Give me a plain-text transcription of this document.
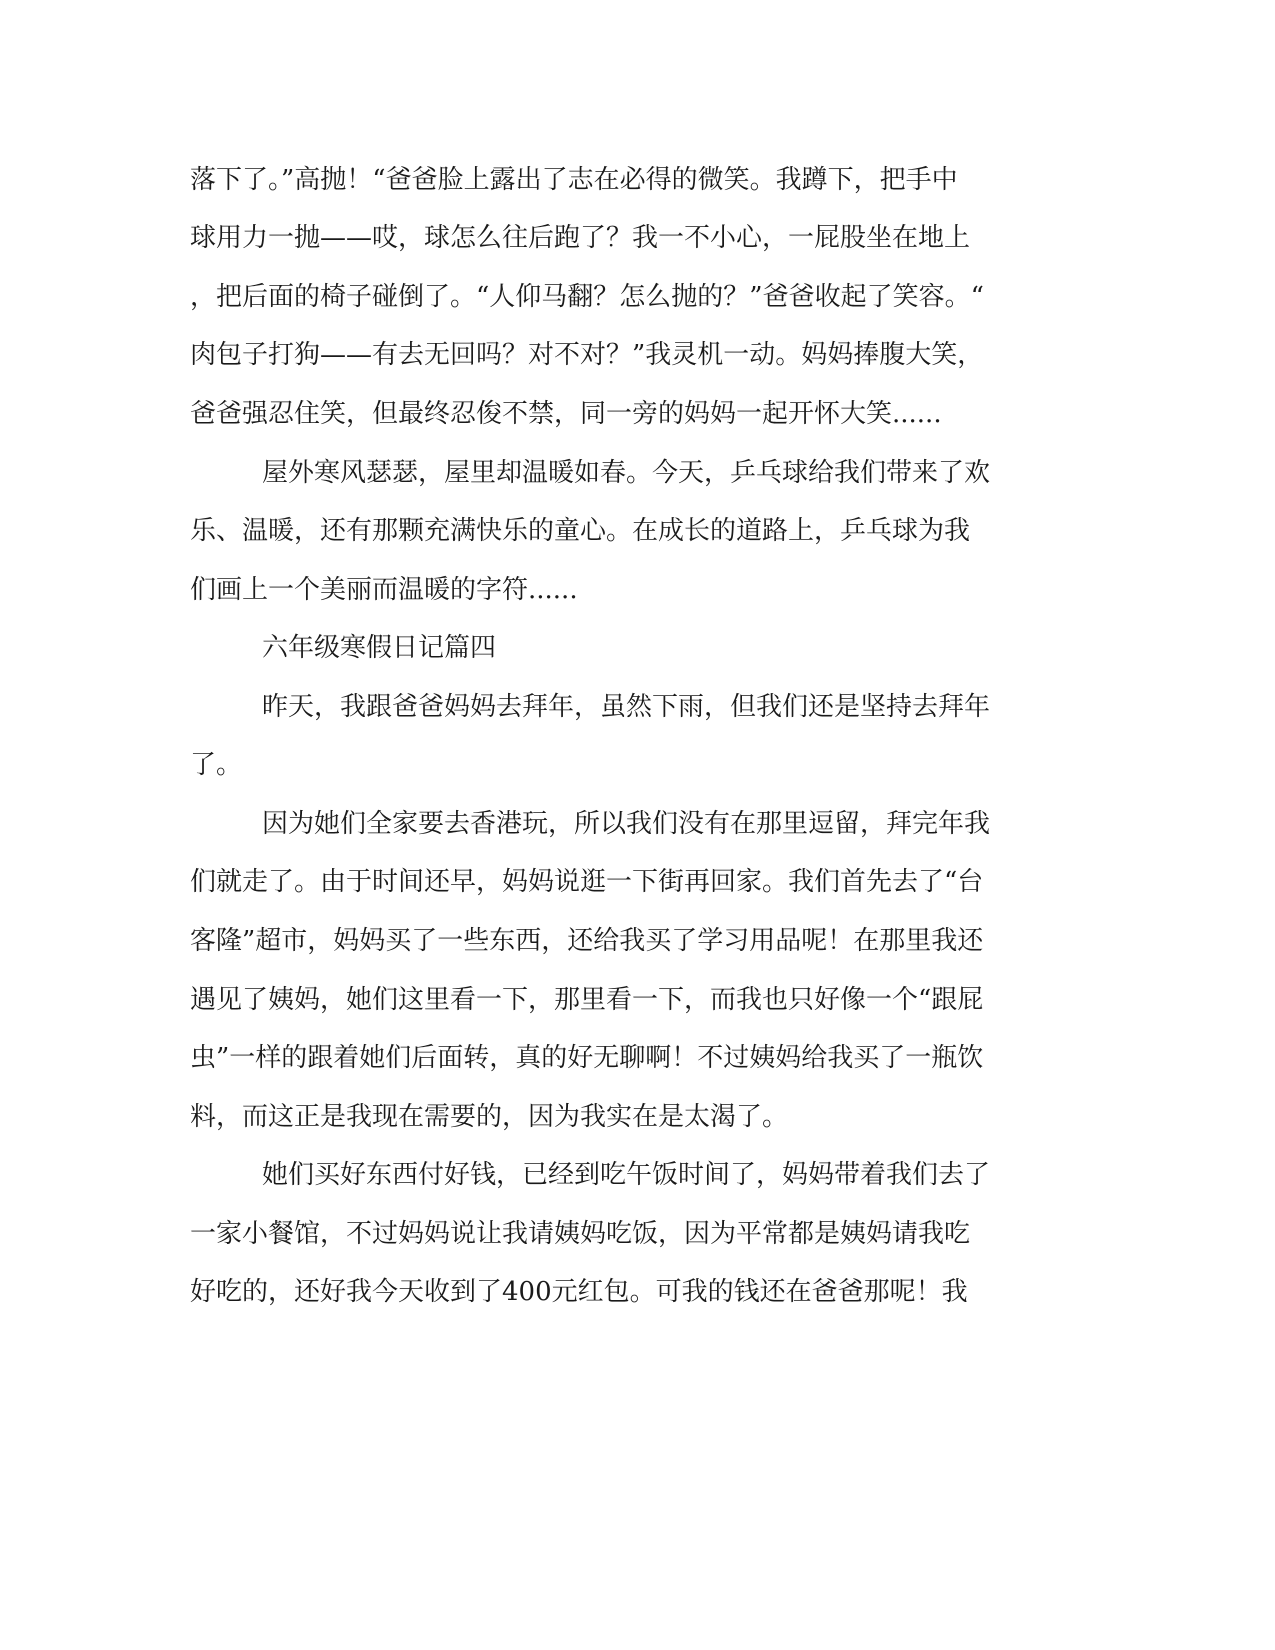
落下了。”高抛！“爸爸脸上露出了志在必得的微笑。我蹲下，把手中
球用力一抛——哎，球怎么往后跑了？我一不小心，一屁股坐在地上
，把后面的椅子碰倒了。“人仰马翻？怎么抛的？”爸爸收起了笑容。“
肉包子打狗——有去无回吗？对不对？”我灵机一动。妈妈捧腹大笑，
爸爸强忍住笑，但最终忍俊不禁，同一旁的妈妈一起开怀大笑......
屋外寒风瑟瑟，屋里却温暖如春。今天，乒乓球给我们带来了欢
乐、温暖，还有那颗充满快乐的童心。在成长的道路上，乒乓球为我
们画上一个美丽而温暖的字符......
六年级寒假日记篇四
昨天，我跟爸爸妈妈去拜年，虽然下雨，但我们还是坚持去拜年
了。
因为她们全家要去香港玩，所以我们没有在那里逗留，拜完年我
们就走了。由于时间还早，妈妈说逛一下街再回家。我们首先去了“台
客隆”超市，妈妈买了一些东西，还给我买了学习用品呢！在那里我还
遇见了姨妈，她们这里看一下，那里看一下，而我也只好像一个“跟屁
虫”一样的跟着她们后面转，真的好无聊啊！不过姨妈给我买了一瓶饮
料，而这正是我现在需要的，因为我实在是太渴了。
她们买好东西付好钱，已经到吃午饭时间了，妈妈带着我们去了
一家小餐馆，不过妈妈说让我请姨妈吃饭，因为平常都是姨妈请我吃
好吃的，还好我今天收到了400元红包。可我的钱还在爸爸那呢！我
